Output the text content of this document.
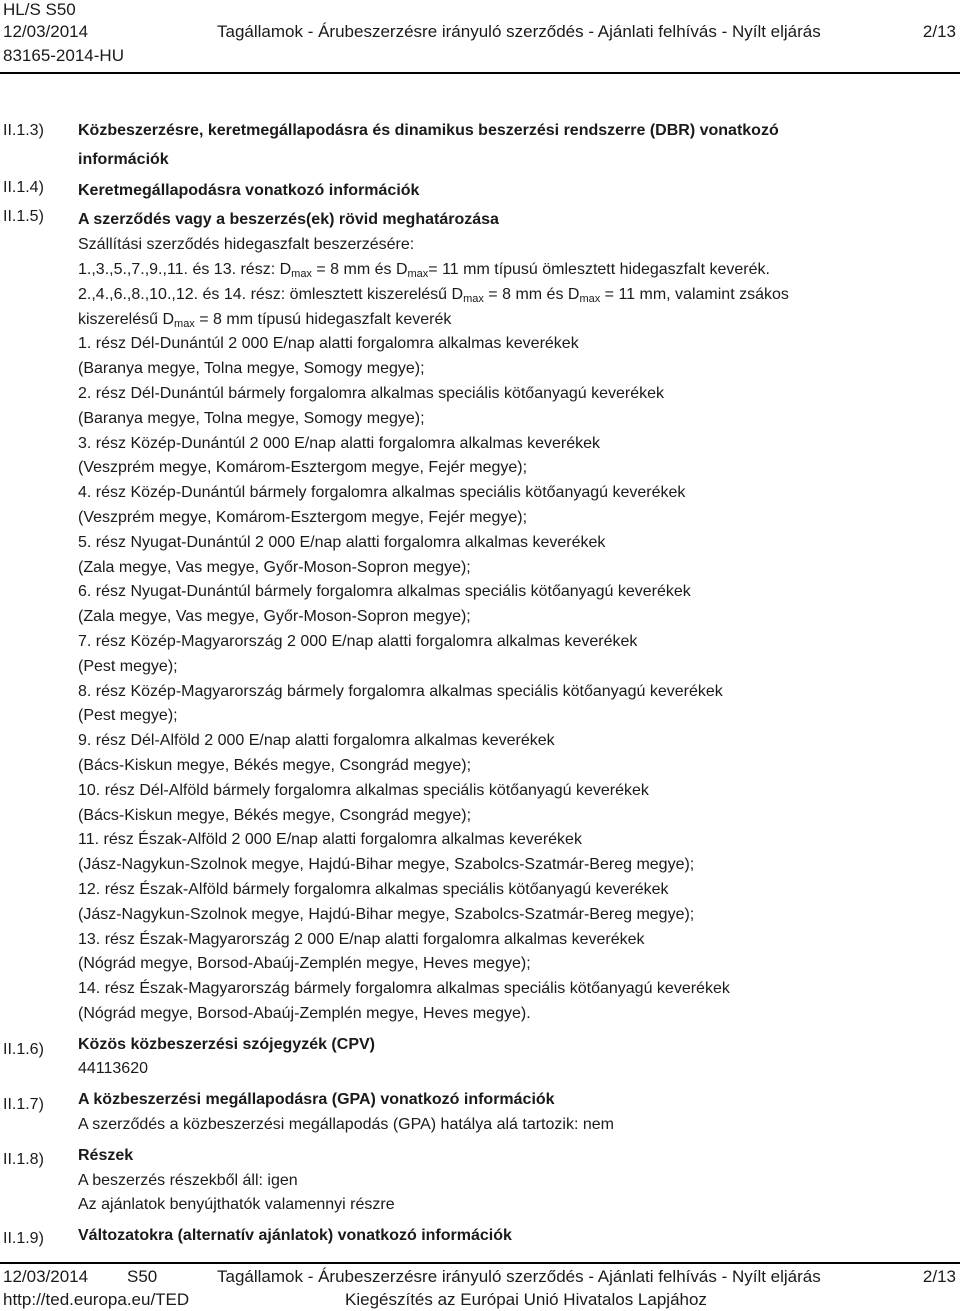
HL/S S50
12/03/2014
83165-2014-HU
Tagállamok - Árubeszerzésre irányuló szerződés - Ajánlati felhívás - Nyílt eljárás	2/13
II.1.3)
II.1.4)
II.1.5)
II.1.6)
II.1.7)
II.1.8)
II.1.9)
Közbeszerzésre, keretmegállapodásra és dinamikus beszerzési rendszerre (DBR) vonatkozó
információk
Keretmegállapodásra vonatkozó információk
A szerződés vagy a beszerzés(ek) rövid meghatározása
Szállítási szerződés hidegaszfalt beszerzésére:
1.,3.,5.,7.,9.,11. és 13. rész: $D_{max} = 8$ mm és $D_{max}= 11$ mm típusú ömlesztett hidegaszfalt keverék.
2.,4.,6.,8.,10.,12. és 14. rész: ömlesztett kiszerelésű $D_{max} = 8$ mm és $D_{max} = 11$ mm, valamint zsákos
kiszerelésű $D_{max} = 8$ mm típusú hidegaszfalt keverék
1. rész Dél-Dunántúl 2 000 E/nap alatti forgalomra alkalmas keverékek
(Baranya megye, Tolna megye, Somogy megye);
2. rész Dél-Dunántúl bármely forgalomra alkalmas speciális kötőanyagú keverékek
(Baranya megye, Tolna megye, Somogy megye);
3. rész Közép-Dunántúl 2 000 E/nap alatti forgalomra alkalmas keverékek
(Veszprém megye, Komárom-Esztergom megye, Fejér megye);
4. rész Közép-Dunántúl bármely forgalomra alkalmas speciális kötőanyagú keverékek
(Veszprém megye, Komárom-Esztergom megye, Fejér megye);
5. rész Nyugat-Dunántúl 2 000 E/nap alatti forgalomra alkalmas keverékek
(Zala megye, Vas megye, Győr-Moson-Sopron megye);
6. rész Nyugat-Dunántúl bármely forgalomra alkalmas speciális kötőanyagú keverékek
(Zala megye, Vas megye, Győr-Moson-Sopron megye);
7. rész Közép-Magyarország 2 000 E/nap alatti forgalomra alkalmas keverékek
(Pest megye);
8. rész Közép-Magyarország bármely forgalomra alkalmas speciális kötőanyagú keverékek
(Pest megye);
9. rész Dél-Alföld 2 000 E/nap alatti forgalomra alkalmas keverékek
(Bács-Kiskun megye, Békés megye, Csongrád megye);
10. rész Dél-Alföld bármely forgalomra alkalmas speciális kötőanyagú keverékek
(Bács-Kiskun megye, Békés megye, Csongrád megye);
11. rész Észak-Alföld 2 000 E/nap alatti forgalomra alkalmas keverékek
(Jász-Nagykun-Szolnok megye, Hajdú-Bihar megye, Szabolcs-Szatmár-Bereg megye);
12. rész Észak-Alföld bármely forgalomra alkalmas speciális kötőanyagú keverékek
(Jász-Nagykun-Szolnok megye, Hajdú-Bihar megye, Szabolcs-Szatmár-Bereg megye);
13. rész Észak-Magyarország 2 000 E/nap alatti forgalomra alkalmas keverékek
(Nógrád megye, Borsod-Abaúj-Zemplén megye, Heves megye);
14. rész Észak-Magyarország bármely forgalomra alkalmas speciális kötőanyagú keverékek
(Nógrád megye, Borsod-Abaúj-Zemplén megye, Heves megye).
Közös közbeszerzési szójegyzék (CPV)
44113620
A közbeszerzési megállapodásra (GPA) vonatkozó információk
A szerződés a közbeszerzési megállapodás (GPA) hatálya alá tartozik: nem
Részek
A beszerzés részekből áll: igen
Az ajánlatok benyújthatók valamennyi részre
Változatokra (alternatív ajánlatok) vonatkozó információk
12/03/2014 S50	Tagállamok - Árubeszerzésre irányuló szerződés - Ajánlati felhívás - Nyílt eljárás	2/13
http://ted.europa.eu/TED	Kiegészítés az Európai Unió Hivatalos Lapjához
